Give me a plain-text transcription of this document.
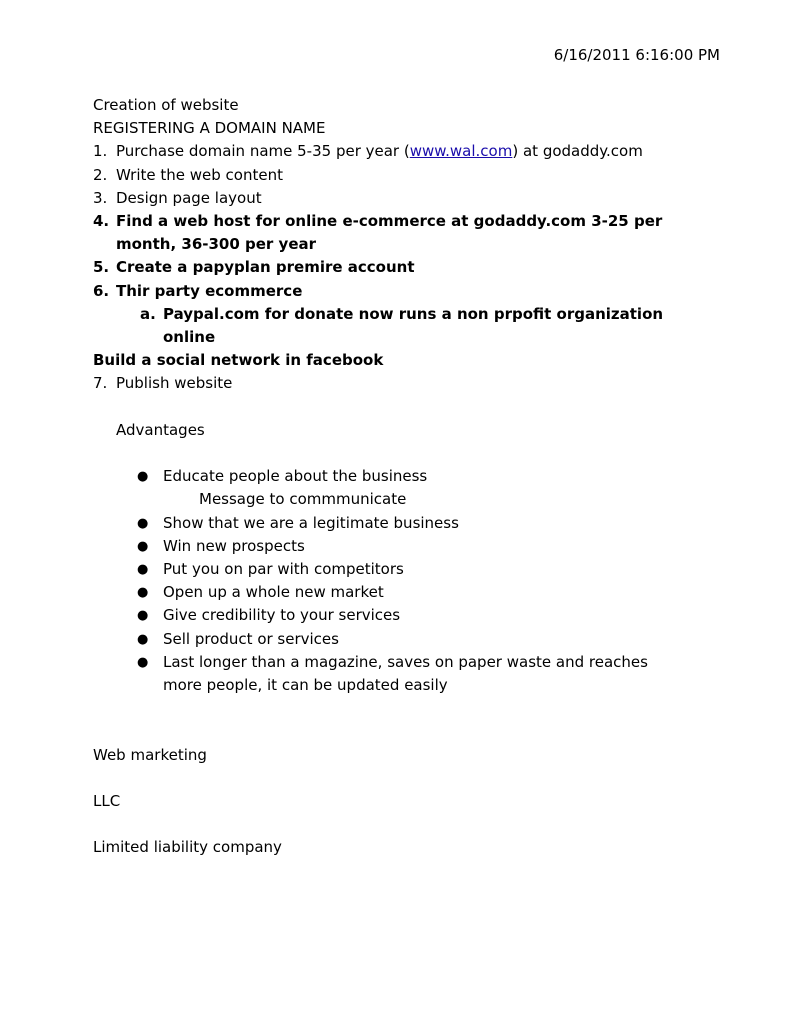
6/16/2011 6:16:00 PM
Creation of website
REGISTERING A DOMAIN NAME
1. Purchase domain name 5-35 per year (www.wal.com) at godaddy.com
2. Write the web content
3. Design page layout
4. Find a web host for online e-commerce at godaddy.com 3-25 per
month, 36-300 per year
5. Create a papyplan premire account
6. Thir party ecommerce
a. Paypal.com for donate now runs a non prpofit organization
online
Build a social network in facebook
7. Publish website
Advantages
● Educate people about the business
Message to commmunicate
● Show that we are a legitimate business
● Win new prospects
● Put you on par with competitors
● Open up a whole new market
● Give credibility to your services
● Sell product or services
● Last longer than a magazine, saves on paper waste and reaches
more people, it can be updated easily
Web marketing
LLC
Limited liability company
